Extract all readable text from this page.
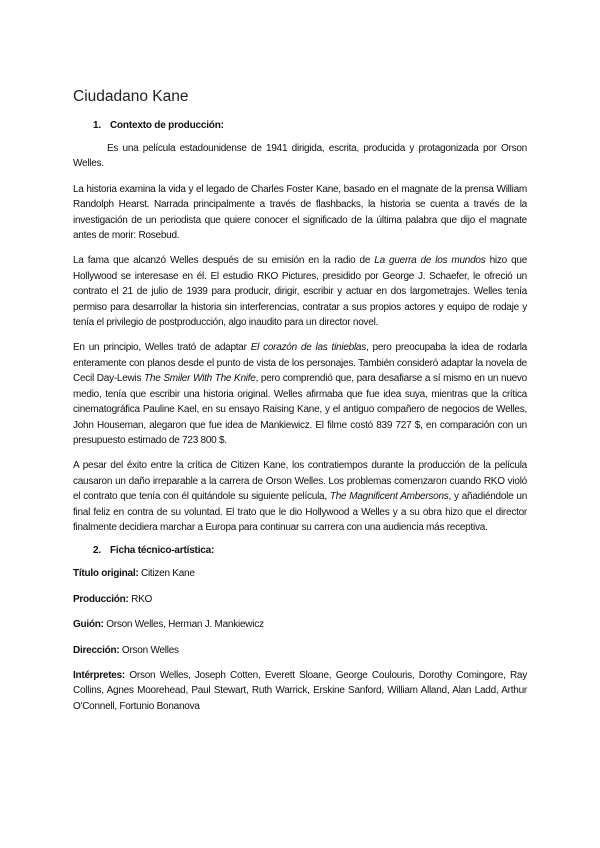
Ciudadano Kane
1. Contexto de producción:

Es una película estadounidense de 1941 dirigida, escrita, producida y protagonizada por Orson Welles.

La historia examina la vida y el legado de Charles Foster Kane, basado en el magnate de la prensa William Randolph Hearst. Narrada principalmente a través de flashbacks, la historia se cuenta a través de la investigación de un periodista que quiere conocer el significado de la última palabra que dijo el magnate antes de morir: Rosebud.

La fama que alcanzó Welles después de su emisión en la radio de La guerra de los mundos hizo que Hollywood se interesase en él. El estudio RKO Pictures, presidido por George J. Schaefer, le ofreció un contrato el 21 de julio de 1939 para producir, dirigir, escribir y actuar en dos largometrajes. Welles tenía permiso para desarrollar la historia sin interferencias, contratar a sus propios actores y equipo de rodaje y tenía el privilegio de postproducción, algo inaudito para un director novel.

En un principio, Welles trató de adaptar El corazón de las tinieblas, pero preocupaba la idea de rodarla enteramente con planos desde el punto de vista de los personajes. También consideró adaptar la novela de Cecil Day-Lewis The Smiler With The Knife, pero comprendió que, para desafiarse a sí mismo en un nuevo medio, tenía que escribir una historia original. Welles afirmaba que fue idea suya, mientras que la crítica cinematográfica Pauline Kael, en su ensayo Raising Kane, y el antiguo compañero de negocios de Welles, John Houseman, alegaron que fue idea de Mankiewicz. El filme costó 839 727 $, en comparación con un presupuesto estimado de 723 800 $.

A pesar del éxito entre la crítica de Citizen Kane, los contratiempos durante la producción de la película causaron un daño irreparable a la carrera de Orson Welles. Los problemas comenzaron cuando RKO violó el contrato que tenía con él quitándole su siguiente película, The Magnificent Ambersons, y añadiéndole un final feliz en contra de su voluntad. El trato que le dio Hollywood a Welles y a su obra hizo que el director finalmente decidiera marchar a Europa para continuar su carrera con una audiencia más receptiva.

2. Ficha técnico-artística:

Título original: Citizen Kane

Producción: RKO

Guión: Orson Welles, Herman J. Mankiewicz

Dirección: Orson Welles

Intérpretes: Orson Welles, Joseph Cotten, Everett Sloane, George Coulouris, Dorothy Comingore, Ray Collins, Agnes Moorehead, Paul Stewart, Ruth Warrick, Erskine Sanford, William Alland, Alan Ladd, Arthur O'Connell, Fortunio Bonanova
